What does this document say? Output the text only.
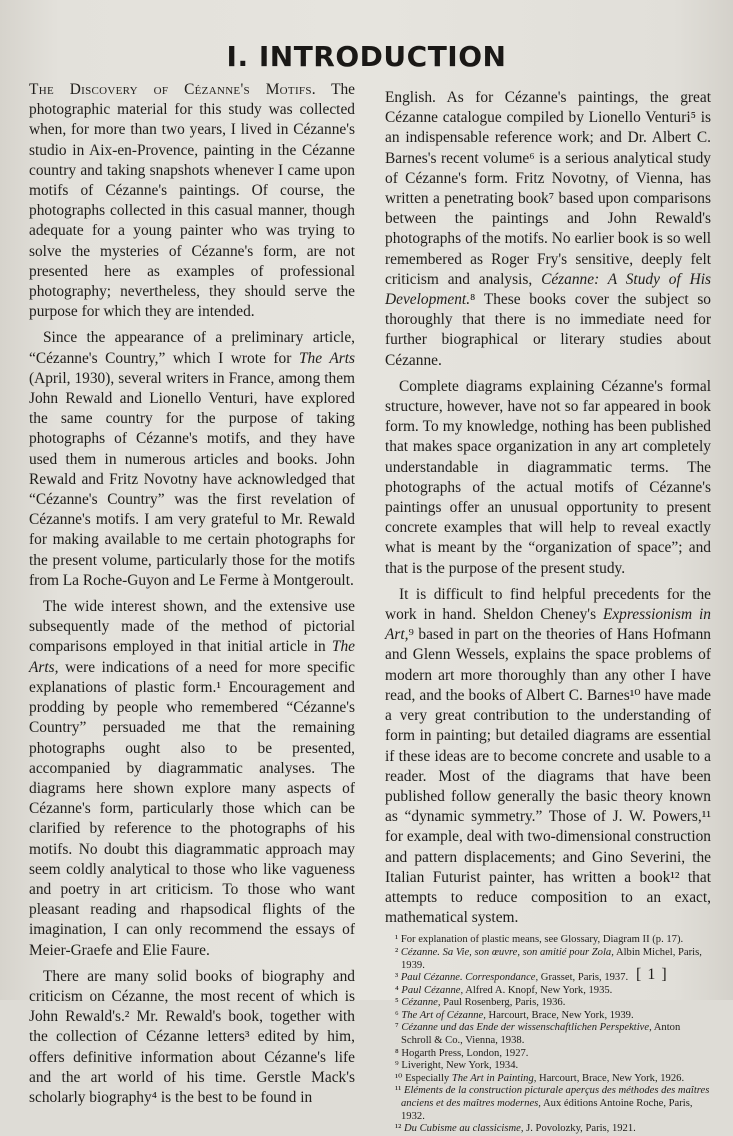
I. INTRODUCTION

The Discovery of Cézanne's Motifs. The photographic material for this study was collected when, for more than two years, I lived in Cézanne's studio in Aix-en-Provence, painting in the Cézanne country and taking snapshots whenever I came upon motifs of Cézanne's paintings. Of course, the photographs collected in this casual manner, though adequate for a young painter who was trying to solve the mysteries of Cézanne's form, are not presented here as examples of professional photography; nevertheless, they should serve the purpose for which they are intended.

Since the appearance of a preliminary article, “Cézanne's Country,” which I wrote for The Arts (April, 1930), several writers in France, among them John Rewald and Lionello Venturi, have explored the same country for the purpose of taking photographs of Cézanne's motifs, and they have used them in numerous articles and books. John Rewald and Fritz Novotny have acknowledged that “Cézanne's Country” was the first revelation of Cézanne's motifs. I am very grateful to Mr. Rewald for making available to me certain photographs for the present volume, particularly those for the motifs from La Roche-Guyon and Le Ferme à Montgeroult.

The wide interest shown, and the extensive use subsequently made of the method of pictorial comparisons employed in that initial article in The Arts, were indications of a need for more specific explanations of plastic form.¹ Encouragement and prodding by people who remembered “Cézanne's Country” persuaded me that the remaining photographs ought also to be presented, accompanied by diagrammatic analyses. The diagrams here shown explore many aspects of Cézanne's form, particularly those which can be clarified by reference to the photographs of his motifs. No doubt this diagrammatic approach may seem coldly analytical to those who like vagueness and poetry in art criticism. To those who want pleasant reading and rhapsodical flights of the imagination, I can only recommend the essays of Meier-Graefe and Elie Faure.

There are many solid books of biography and criticism on Cézanne, the most recent of which is John Rewald's.² Mr. Rewald's book, together with the collection of Cézanne letters³ edited by him, offers definitive information about Cézanne's life and the art world of his time. Gerstle Mack's scholarly biography⁴ is the best to be found in

English. As for Cézanne's paintings, the great Cézanne catalogue compiled by Lionello Venturi⁵ is an indispensable reference work; and Dr. Albert C. Barnes's recent volume⁶ is a serious analytical study of Cézanne's form. Fritz Novotny, of Vienna, has written a penetrating book⁷ based upon comparisons between the paintings and John Rewald's photographs of the motifs. No earlier book is so well remembered as Roger Fry's sensitive, deeply felt criticism and analysis, Cézanne: A Study of His Development.⁸ These books cover the subject so thoroughly that there is no immediate need for further biographical or literary studies about Cézanne.

Complete diagrams explaining Cézanne's formal structure, however, have not so far appeared in book form. To my knowledge, nothing has been published that makes space organization in any art completely understandable in diagrammatic terms. The photographs of the actual motifs of Cézanne's paintings offer an unusual opportunity to present concrete examples that will help to reveal exactly what is meant by the “organization of space”; and that is the purpose of the present study.

It is difficult to find helpful precedents for the work in hand. Sheldon Cheney's Expressionism in Art,⁹ based in part on the theories of Hans Hofmann and Glenn Wessels, explains the space problems of modern art more thoroughly than any other I have read, and the books of Albert C. Barnes¹⁰ have made a very great contribution to the understanding of form in painting; but detailed diagrams are essential if these ideas are to become concrete and usable to a reader. Most of the diagrams that have been published follow generally the basic theory known as “dynamic symmetry.” Those of J. W. Powers,¹¹ for example, deal with two-dimensional construction and pattern displacements; and Gino Severini, the Italian Futurist painter, has written a book¹² that attempts to reduce composition to an exact, mathematical system.

¹ For explanation of plastic means, see Glossary, Diagram II (p. 17).
² Cézanne. Sa Vie, son œuvre, son amitié pour Zola, Albin Michel, Paris, 1939.
³ Paul Cézanne. Correspondance, Grasset, Paris, 1937.
⁴ Paul Cézanne, Alfred A. Knopf, New York, 1935.
⁵ Cézanne, Paul Rosenberg, Paris, 1936.
⁶ The Art of Cézanne, Harcourt, Brace, New York, 1939.
⁷ Cézanne und das Ende der wissenschaftlichen Perspektive, Anton Schroll & Co., Vienna, 1938.
⁸ Hogarth Press, London, 1927.
⁹ Liveright, New York, 1934.
¹⁰ Especially The Art in Painting, Harcourt, Brace, New York, 1926.
¹¹ Eléments de la construction picturale aperçus des méthodes des maîtres anciens et des maîtres modernes, Aux éditions Antoine Roche, Paris, 1932.
¹² Du Cubisme au classicisme, J. Povolozky, Paris, 1921.
[ 1 ]
